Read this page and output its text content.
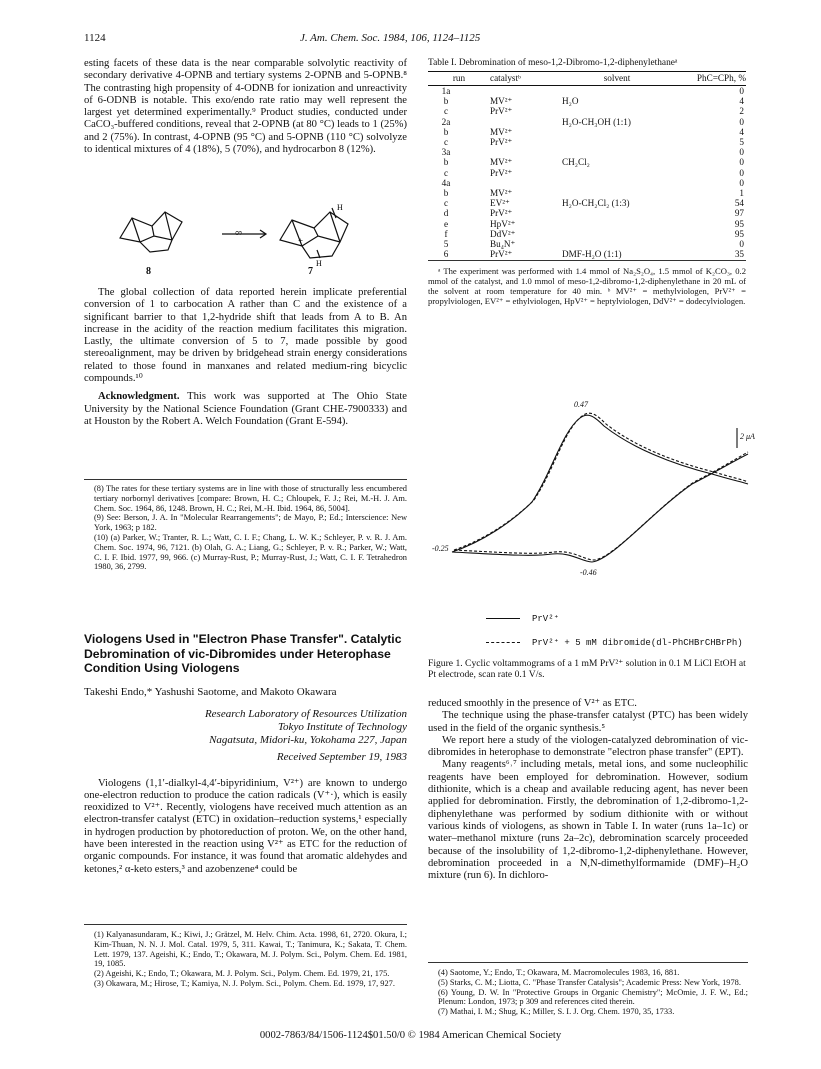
1124	J. Am. Chem. Soc. 1984, 106, 1124–1125

esting facets of these data is the near comparable solvolytic reactivity of secondary derivative 4-OPNB and tertiary systems 2-OPNB and 5-OPNB.⁸ The contrasting high propensity of 4-ODNB for ionization and unreactivity of 6-ODNB is notable. This exo/endo rate ratio may well represent the largest yet determined experimentally.⁹ Product studies, conducted under CaCO₃-buffered conditions, reveal that 2-OPNB (at 80 °C) leads to 1 (25%) and 2 (75%). In contrast, 4-OPNB (95 °C) and 5-OPNB (110 °C) solvolyze to identical mixtures of 4 (18%), 5 (70%), and hydrocarbon 8 (12%).

H
H
+
8
8	7

The global collection of data reported herein implicate preferential conversion of 1 to carbocation A rather than C and the existence of a significant barrier to that 1,2-hydride shift that leads from A to B. An increase in the acidity of the reaction medium facilitates this migration. Lastly, the ultimate conversion of 5 to 7, made possible by good stereoalignment, may be driven by bridgehead strain energy considerations related to those found in manxanes and related medium-ring bicyclic compounds.¹⁰

Acknowledgment. This work was supported at The Ohio State University by the National Science Foundation (Grant CHE-7900333) and at Houston by the Robert A. Welch Foundation (Grant E-594).

(8) The rates for these tertiary systems are in line with those of structurally less encumbered tertiary norbornyl derivatives [compare: Brown, H. C.; Chloupek, F. J.; Rei, M.-H. J. Am. Chem. Soc. 1964, 86, 1248. Brown, H. C.; Rei, M.-H. Ibid. 1964, 86, 5004].

(9) See: Berson, J. A. In "Molecular Rearrangements"; de Mayo, P.; Ed.; Interscience: New York, 1963; p 182.

(10) (a) Parker, W.; Tranter, R. L.; Watt, C. I. F.; Chang, L. W. K.; Schleyer, P. v. R. J. Am. Chem. Soc. 1974, 96, 7121. (b) Olah, G. A.; Liang, G.; Schleyer, P. v. R.; Parker, W.; Watt, C. I. F. Ibid. 1977, 99, 966. (c) Murray-Rust, P.; Murray-Rust, J.; Watt, C. I. F. Tetrahedron 1980, 36, 2799.

Table I. Debromination of meso-1,2-Dibromo-1,2-diphenylethaneᵃ
run	catalystᵇ	solvent	PhC=CPh, %
1a			0
b	MV²⁺	H₂O	4
c	PrV²⁺		2
2a		H₂O-CH₃OH (1:1)	0
b	MV²⁺		4
c	PrV²⁺		5
3a			0
b	MV²⁺	CH₂Cl₂	0
c	PrV²⁺		0
4a			0
b	MV²⁺		1
c	EV²⁺	H₂O-CH₂Cl₂ (1:3)	54
d	PrV²⁺		97
e	HpV²⁺		95
f	DdV²⁺		95
5	Bu₄N⁺		0
6	PrV²⁺	DMF-H₂O (1:1)	35

ᵃ The experiment was performed with 1.4 mmol of Na₂S₂O₄, 1.5 mmol of K₂CO₃, 0.2 mmol of the catalyst, and 1.0 mmol of meso-1,2-dibromo-1,2-diphenylethane in 20 mL of the solvent at room temperature for 40 min. ᵇ MV²⁺ = methylviologen, PrV²⁺ = propylviologen, EV²⁺ = ethylviologen, HpV²⁺ = heptylviologen, DdV²⁺ = dodecylviologen.

0.47
-0.25
-0.46
2 μA
PrV²⁺
PrV²⁺ + 5 mM dibromide(dl-PhCHBrCHBrPh)
Figure 1. Cyclic voltammograms of a 1 mM PrV²⁺ solution in 0.1 M LiCl EtOH at Pt electrode, scan rate 0.1 V/s.
Viologens Used in "Electron Phase Transfer". Catalytic Debromination of vic-Dibromides under Heterophase Condition Using Viologens
Takeshi Endo,* Yashushi Saotome, and Makoto Okawara
Research Laboratory of Resources Utilization
Tokyo Institute of Technology
Nagatsuta, Midori-ku, Yokohama 227, Japan
Received September 19, 1983

Viologens (1,1′-dialkyl-4,4′-bipyridinium, V²⁺) are known to undergo one-electron reduction to produce the cation radicals (V⁺·), which is easily reoxidized to V²⁺. Recently, viologens have received much attention as an electron-transfer catalyst (ETC) in oxidation–reduction systems,¹ especially in hydrogen production by photoreduction of proton. We, on the other hand, have been interested in the reaction using V²⁺ as ETC for the reduction of organic compounds. For instance, it was found that aromatic aldehydes and ketones,² α-keto esters,³ and azobenzene⁴ could be

(1) Kalyanasundaram, K.; Kiwi, J.; Grätzel, M. Helv. Chim. Acta. 1998, 61, 2720. Okura, I.; Kim-Thuan, N. N. J. Mol. Catal. 1979, 5, 311. Kawai, T.; Tanimura, K.; Sakata, T. Chem. Lett. 1979, 137. Ageishi, K.; Endo, T.; Okawara, M. J. Polym. Sci., Polym. Chem. Ed. 1981, 19, 1085.

(2) Ageishi, K.; Endo, T.; Okawara, M. J. Polym. Sci., Polym. Chem. Ed. 1979, 21, 175.

(3) Okawara, M.; Hirose, T.; Kamiya, N. J. Polym. Sci., Polym. Chem. Ed. 1979, 17, 927.

reduced smoothly in the presence of V²⁺ as ETC.

The technique using the phase-transfer catalyst (PTC) has been widely used in the field of the organic synthesis.⁵

We report here a study of the viologen-catalyzed debromination of vic-dibromides in heterophase to demonstrate "electron phase transfer" (EPT).

Many reagents⁶˒⁷ including metals, metal ions, and some nucleophilic reagents have been employed for debromination. However, sodium dithionite, which is a cheap and available reducing agent, has never been applied for debromination. Firstly, the debromination of 1,2-dibromo-1,2-diphenylethane was performed by sodium dithionite with or without various kinds of viologens, as shown in Table I. In water (runs 1a–1c) or water–methanol mixture (runs 2a–2c), debromination scarcely proceeded because of the insolubility of 1,2-dibromo-1,2-diphenylethane. However, debromination proceeded in a N,N-dimethylformamide (DMF)–H₂O mixture (run 6). In dichloro-

(4) Saotome, Y.; Endo, T.; Okawara, M. Macromolecules 1983, 16, 881.

(5) Starks, C. M.; Liotta, C. "Phase Transfer Catalysis"; Academic Press: New York, 1978.

(6) Young, D. W. In "Protective Groups in Organic Chemistry"; McOmie, J. F. W., Ed.; Plenum: London, 1973; p 309 and references cited therein.

(7) Mathai, I. M.; Shug, K.; Miller, S. I. J. Org. Chem. 1970, 35, 1733.

0002-7863/84/1506-1124$01.50/0 © 1984 American Chemical Society
